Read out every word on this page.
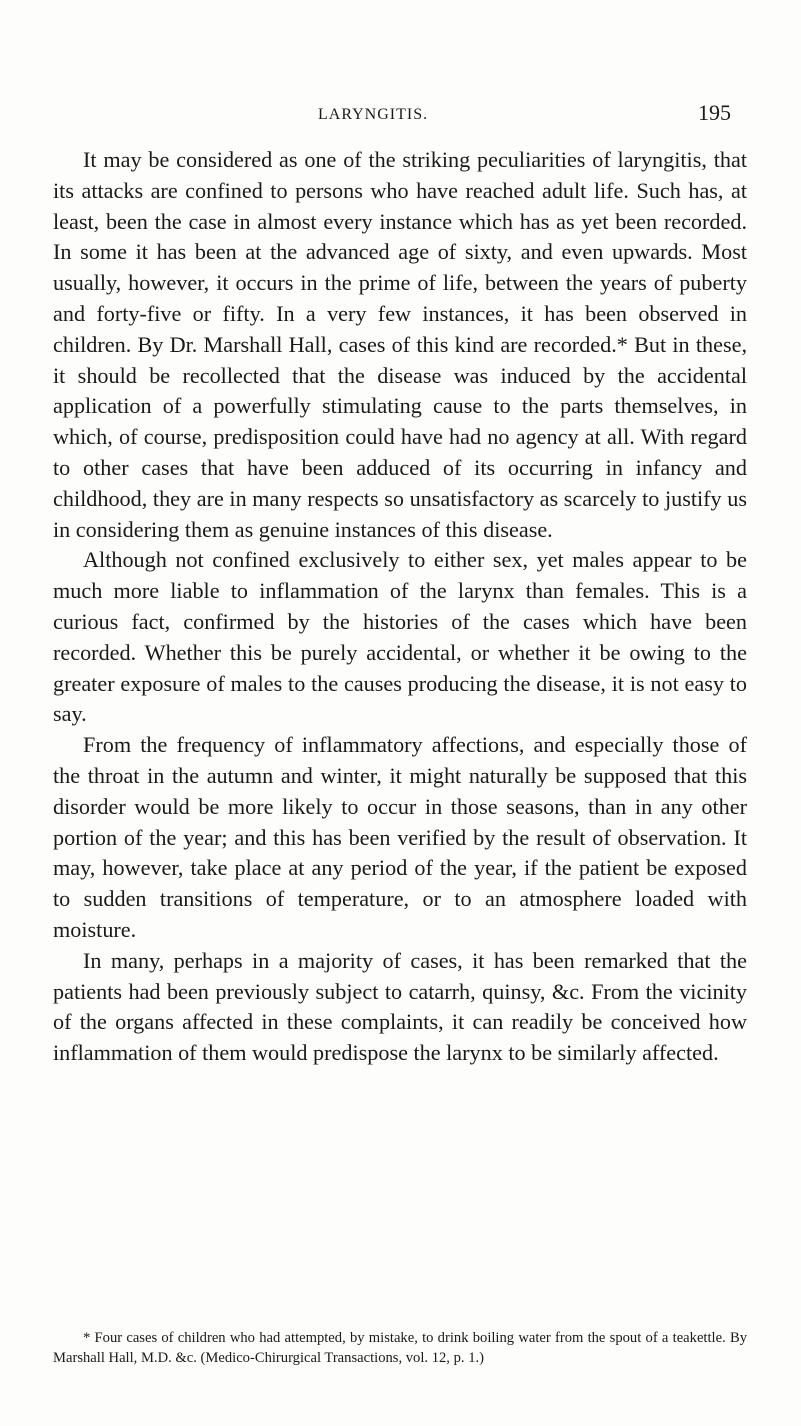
LARYNGITIS.	195

It may be considered as one of the striking peculiarities of laryngitis, that its attacks are confined to persons who have reached adult life. Such has, at least, been the case in almost every instance which has as yet been recorded. In some it has been at the advanced age of sixty, and even upwards. Most usually, however, it occurs in the prime of life, between the years of puberty and forty-five or fifty. In a very few instances, it has been observed in children. By Dr. Marshall Hall, cases of this kind are recorded.* But in these, it should be recollected that the disease was induced by the accidental application of a powerfully stimulating cause to the parts themselves, in which, of course, predisposition could have had no agency at all. With regard to other cases that have been adduced of its occurring in infancy and childhood, they are in many respects so unsatisfactory as scarcely to justify us in considering them as genuine instances of this disease.

Although not confined exclusively to either sex, yet males appear to be much more liable to inflammation of the larynx than females. This is a curious fact, confirmed by the histories of the cases which have been recorded. Whether this be purely accidental, or whether it be owing to the greater exposure of males to the causes producing the disease, it is not easy to say.

From the frequency of inflammatory affections, and especially those of the throat in the autumn and winter, it might naturally be supposed that this disorder would be more likely to occur in those seasons, than in any other portion of the year; and this has been verified by the result of observation. It may, however, take place at any period of the year, if the patient be exposed to sudden transitions of temperature, or to an atmosphere loaded with moisture.

In many, perhaps in a majority of cases, it has been remarked that the patients had been previously subject to catarrh, quinsy, &c. From the vicinity of the organs affected in these complaints, it can readily be conceived how inflammation of them would predispose the larynx to be similarly affected.

* Four cases of children who had attempted, by mistake, to drink boiling water from the spout of a teakettle. By Marshall Hall, M.D. &c. (Medico-Chirurgical Transactions, vol. 12, p. 1.)
